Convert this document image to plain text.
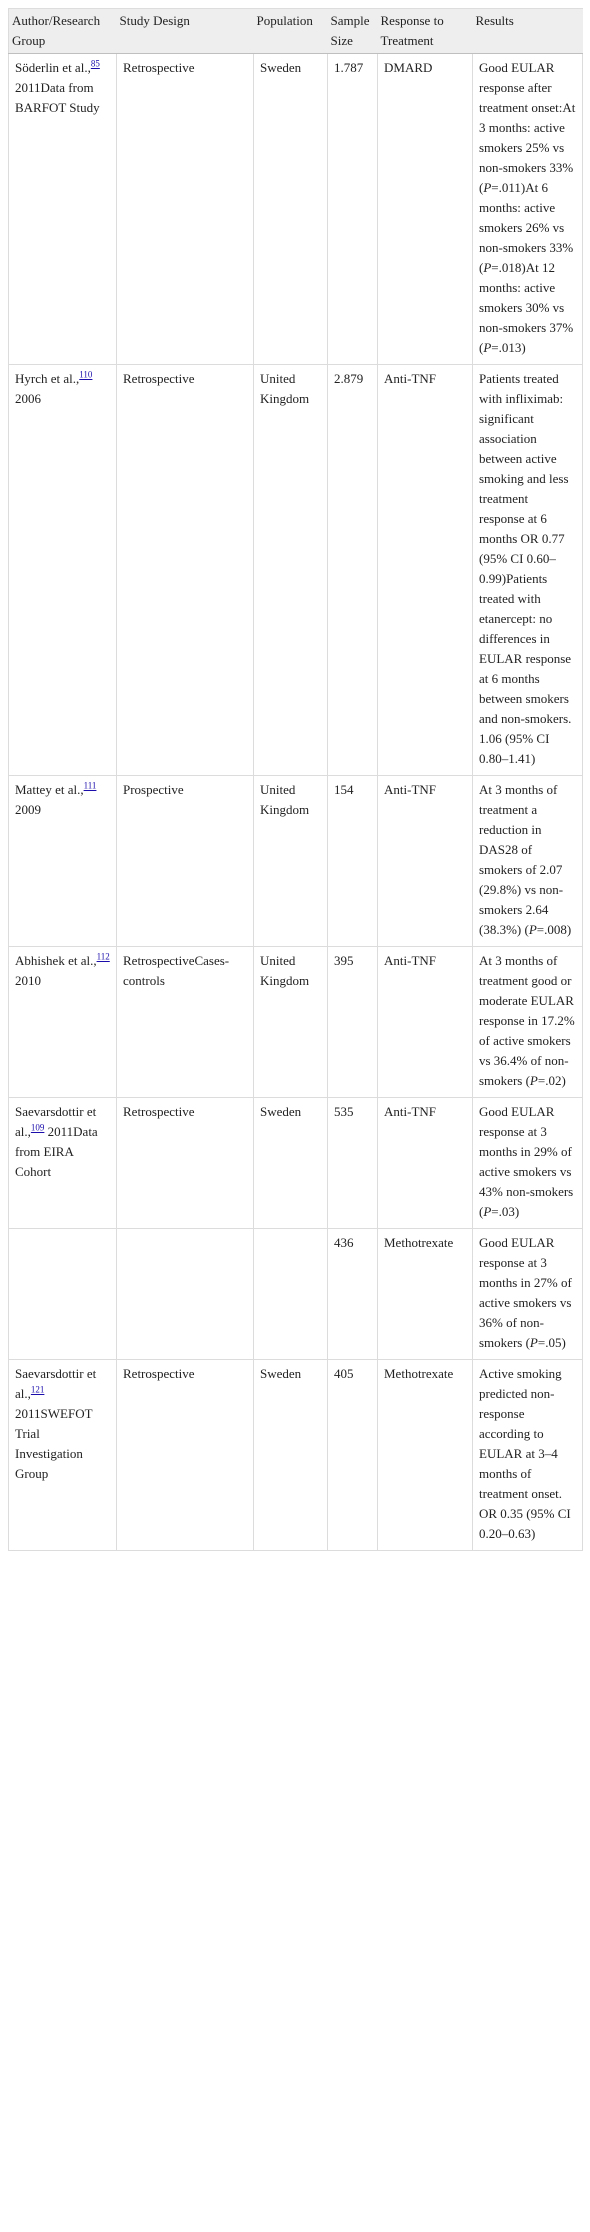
Author/Research Group	Study Design	Population	Sample Size	Response to Treatment	Results
Söderlin et al.,$^{85}$ 2011Data from BARFOT Study	Retrospective	Sweden	1.787	DMARD	Good EULAR response after treatment onset:At 3 months: active smokers 25% vs non-smokers 33% (P=.011)At 6 months: active smokers 26% vs non-smokers 33% (P=.018)At 12 months: active smokers 30% vs non-smokers 37% (P=.013)
Hyrch et al.,$^{110}$ 2006	Retrospective	United Kingdom	2.879	Anti-TNF	Patients treated with infliximab: significant association between active smoking and less treatment response at 6 months OR 0.77 (95% CI 0.60–0.99)Patients treated with etanercept: no differences in EULAR response at 6 months between smokers and non-smokers. 1.06 (95% CI 0.80–1.41)
Mattey et al.,$^{111}$ 2009	Prospective	United Kingdom	154	Anti-TNF	At 3 months of treatment a reduction in DAS28 of smokers of 2.07 (29.8%) vs non-smokers 2.64 (38.3%) (P=.008)
Abhishek et al.,$^{112}$ 2010	RetrospectiveCases-controls	United Kingdom	395	Anti-TNF	At 3 months of treatment good or moderate EULAR response in 17.2% of active smokers vs 36.4% of non-smokers (P=.02)
Saevarsdottir et al.,$^{109}$ 2011Data from EIRA Cohort	Retrospective	Sweden	535	Anti-TNF	Good EULAR response at 3 months in 29% of active smokers vs 43% non-smokers (P=.03)
			436	Methotrexate	Good EULAR response at 3 months in 27% of active smokers vs 36% of non-smokers (P=.05)
Saevarsdottir et al.,$^{121}$ 2011SWEFOT Trial Investigation Group	Retrospective	Sweden	405	Methotrexate	Active smoking predicted non-response according to EULAR at 3–4 months of treatment onset. OR 0.35 (95% CI 0.20–0.63)
